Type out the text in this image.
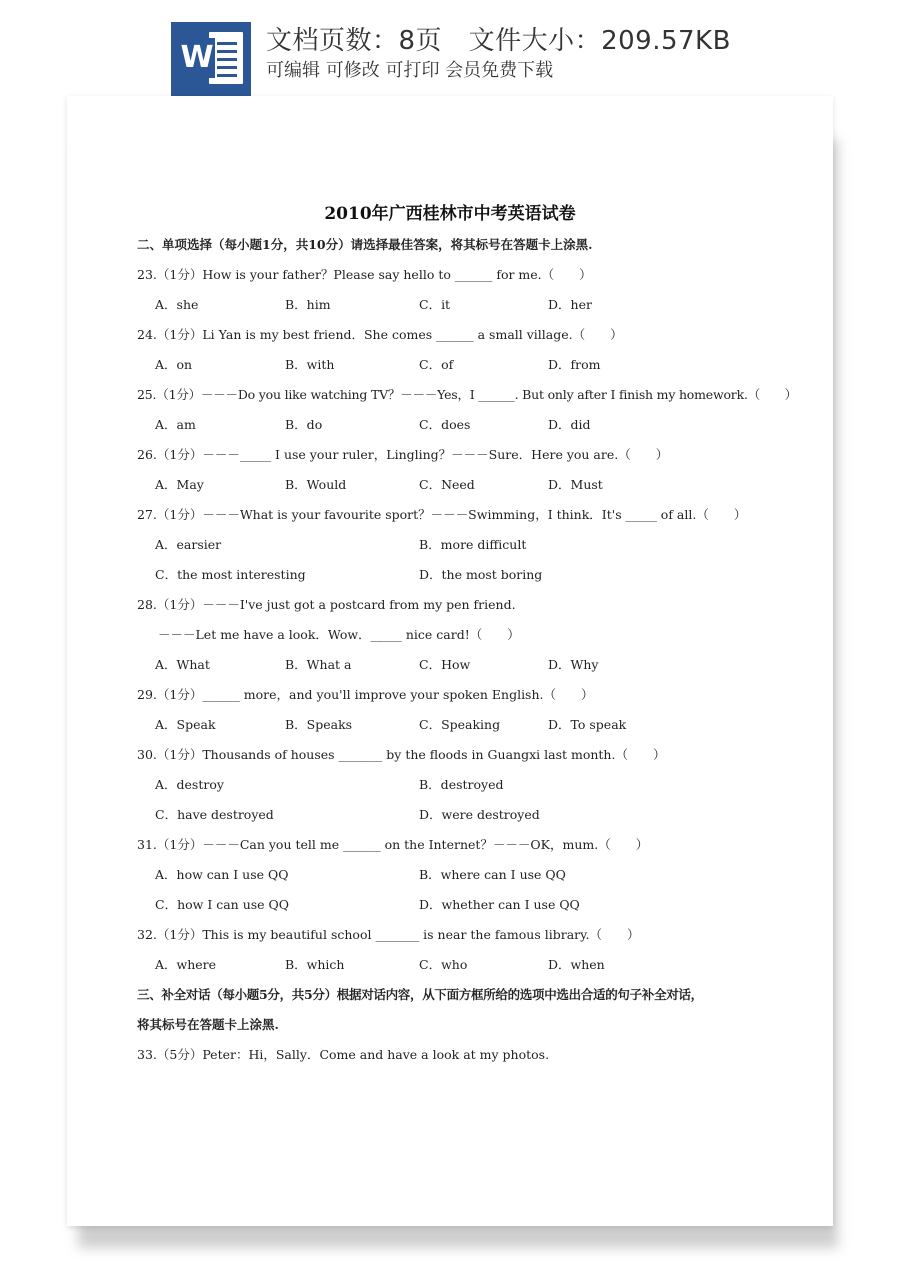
W 文档页数：8页　 文件大小：209.57KB
可编辑 可修改 可打印 会员免费下载
2010年广西桂林市中考英语试卷
二、单项选择（每小题1分，共10分）请选择最佳答案，将其标号在答题卡上涂黑.
23.（1分）How is your father？Please say hello to ______ for me.（　　）
A．she	B．him	C．it	D．her
24.（1分）Li Yan is my best friend．She comes ______ a small village.（　　）
A．on	B．with	C．of	D．from
25.（1分）－－－Do you like watching TV？－－－Yes，I ______. But only after I finish my homework.（　　）
A．am	B．do	C．does	D．did
26.（1分）－－－_____ I use your ruler，Lingling？－－－Sure．Here you are.（　　）
A．May	B．Would	C．Need	D．Must
27.（1分）－－－What is your favourite sport？－－－Swimming，I think．It's _____ of all.（　　）
A．earsier	B．more difficult
C．the most interesting	D．the most boring
28.（1分）－－－I've just got a postcard from my pen friend.
－－－Let me have a look．Wow．_____ nice card!（　　）
A．What	B．What a	C．How	D．Why
29.（1分）______ more，and you'll improve your spoken English.（　　）
A．Speak	B．Speaks	C．Speaking	D．To speak
30.（1分）Thousands of houses _______ by the floods in Guangxi last month.（　　）
A．destroy	B．destroyed
C．have destroyed	D．were destroyed
31.（1分）－－－Can you tell me ______ on the Internet？－－－OK，mum.（　　）
A．how can I use QQ	B．where can I use QQ
C．how I can use QQ	D．whether can I use QQ
32.（1分）This is my beautiful school _______ is near the famous library.（　　）
A．where	B．which	C．who	D．when
三、补全对话（每小题5分，共5分）根据对话内容，从下面方框所给的选项中选出合适的句子补全对话，
将其标号在答题卡上涂黑.
33.（5分）Peter：Hi，Sally．Come and have a look at my photos.
